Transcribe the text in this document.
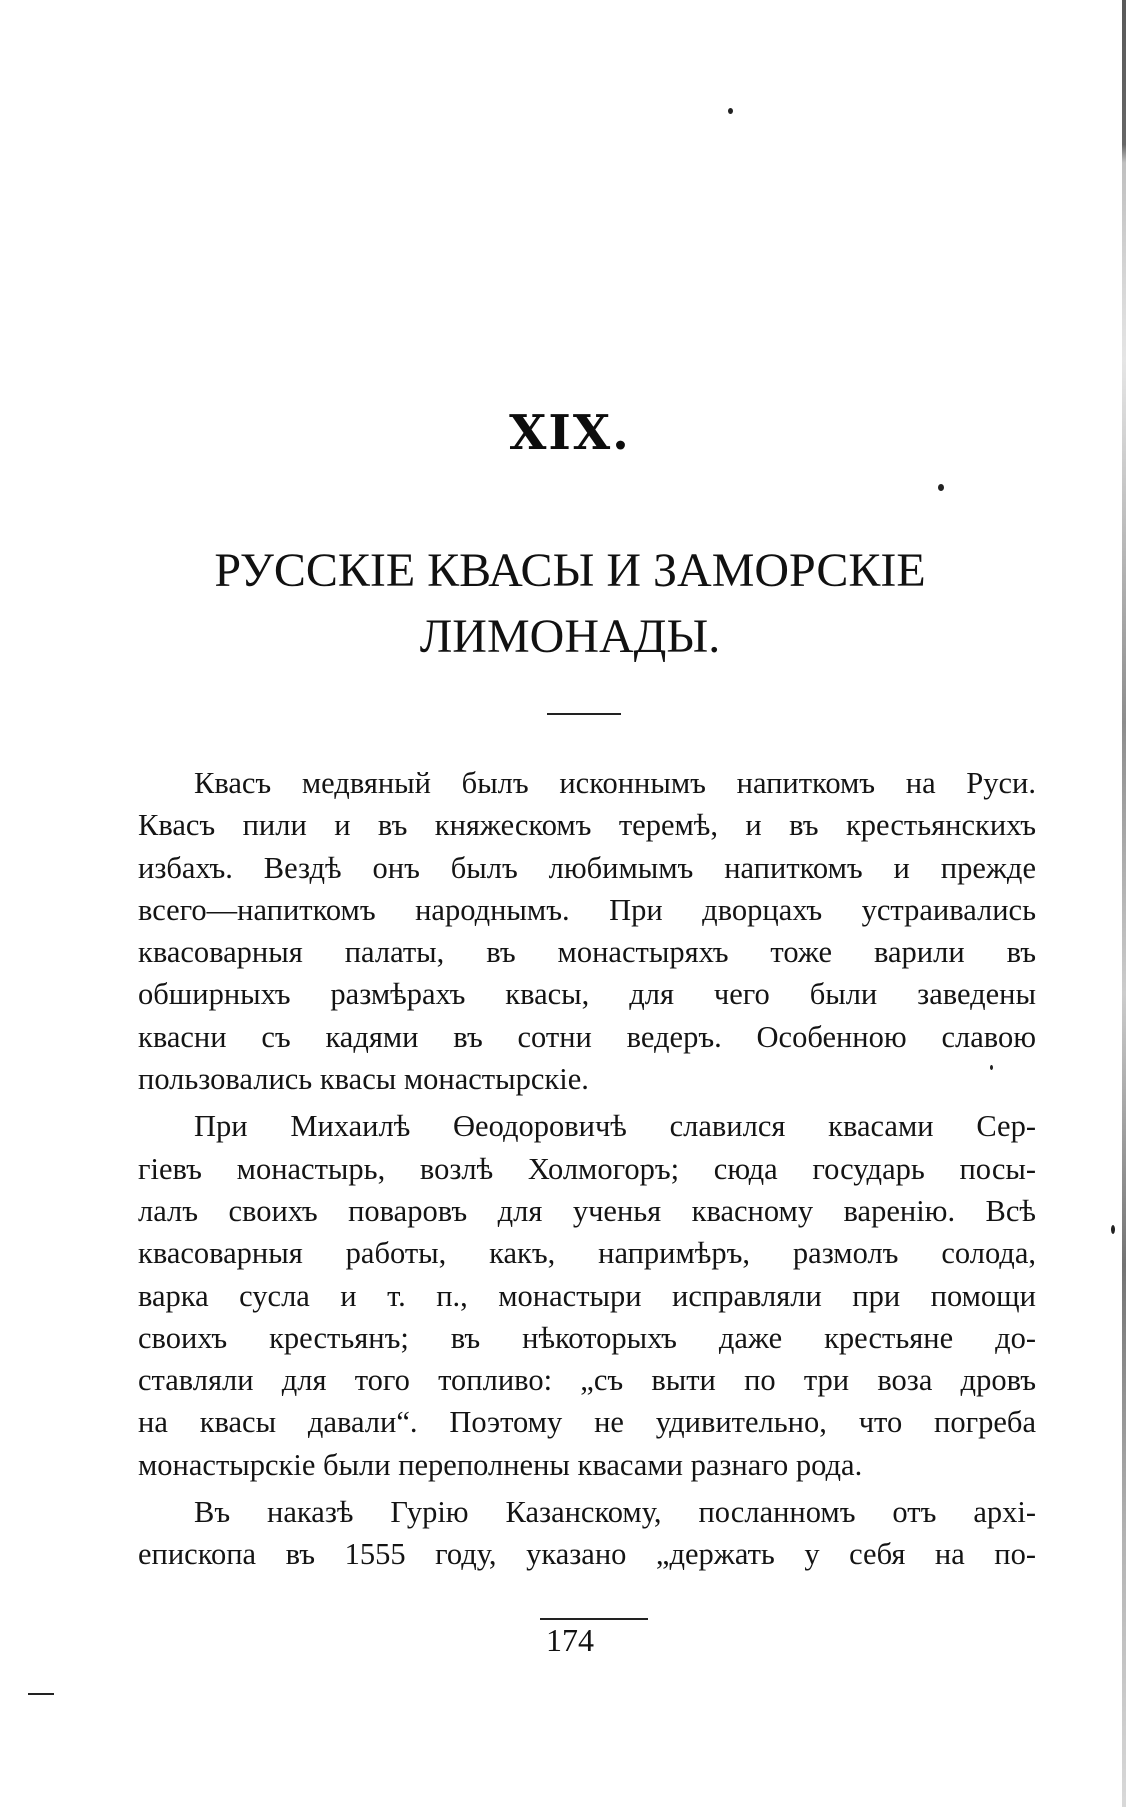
XIX.
РУССКІЕ КВАСЫ И ЗАМОРСКІЕ
ЛИМОНАДЫ.
Квасъ медвяный былъ исконнымъ напиткомъ на Руси.
Квасъ пили и въ княжескомъ теремѣ, и въ крестьянскихъ
избахъ. Вездѣ онъ былъ любимымъ напиткомъ и прежде
всего—напиткомъ народнымъ. При дворцахъ устраивались
квасоварныя палаты, въ монастыряхъ тоже варили въ
обширныхъ размѣрахъ квасы, для чего были заведены
квасни съ кадями въ сотни ведеръ. Особенною славою
пользовались квасы монастырскіе.
При Михаилѣ Өеодоровичѣ славился квасами Сер-
гіевъ монастырь, возлѣ Холмогоръ; сюда государь посы-
лалъ своихъ поваровъ для ученья квасному варенію. Всѣ
квасоварныя работы, какъ, напримѣръ, размолъ солода,
варка сусла и т. п., монастыри исправляли при помощи
своихъ крестьянъ; въ нѣкоторыхъ даже крестьяне до-
ставляли для того топливо: „съ выти по три воза дровъ
на квасы давали“. Поэтому не удивительно, что погреба
монастырскіе были переполнены квасами разнаго рода.
Въ наказѣ Гурію Казанскому, посланномъ отъ архі-
епископа въ 1555 году, указано „держать у себя на по-
174
